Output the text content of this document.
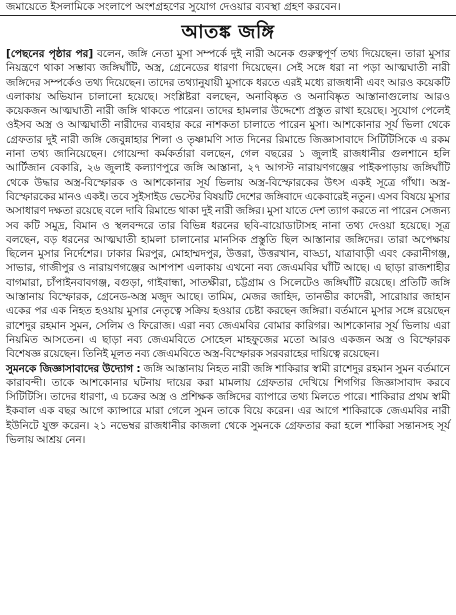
জমায়েতে ইসলামিকে সংলাপে অংশগ্রহণের সুযোগ দেওয়ার ব্যবস্থা গ্রহণ করবেন।
আতঙ্ক জঙ্গি

[পেছনের পৃষ্ঠার পর] বলেন, জঙ্গি নেতা মুসা সম্পর্কে দুই নারী অনেক গুরুত্বপূর্ণ তথ্য দিয়েছেন। তারা মুসার নিয়ন্ত্রণে থাকা সম্ভাব্য জঙ্গিঘাঁটি, অস্ত্র, গ্রেনেডের ধারণা দিয়েছেন। সেই সঙ্গে ধরা না পড়া আত্মঘাতী নারী জঙ্গিদের সম্পর্কেও তথ্য দিয়েছেন। তাদের তথ্যানুযায়ী মুসাকে ধরতে এরই মধ্যে রাজধানী এবং আরও কয়েকটি এলাকায় অভিযান চালানো হয়েছে। সংশ্লিষ্টরা বলছেন, অনাবিষ্কৃত ও অনাবিষ্কৃত আস্তানাগুলোয় আরও কয়েকজন আত্মঘাতী নারী জঙ্গি থাকতে পারেন। তাদের হামলার উদ্দেশ্যে প্রস্তুত রাখা হয়েছে। সুযোগ পেলেই ওইসব অস্ত্র ও আত্মঘাতী নারীদের ব্যবহার করে নাশকতা চালাতে পারেন মুসা। আশকোনার সূর্য ভিলা থেকে গ্রেফতার দুই নারী জঙ্গি জেবুন্নাহার শিলা ও তৃষ্ণামণি সাত দিনের রিমান্ডে জিজ্ঞাসাবাদে সিটিটিসিকে এ রকম নানা তথ্য জানিয়েছেন। গোয়েন্দা কর্মকর্তারা বলছেন, গেল বছরের ১ জুলাই রাজধানীর গুলশানে হলি আর্টিজান বেকারি, ২৬ জুলাই কল্যাণপুরে জঙ্গি আস্তানা, ২৭ আগস্ট নারায়ণগঞ্জের পাইকপাড়ায় জঙ্গিঘাঁটি থেকে উদ্ধার অস্ত্র-বিস্ফোরক ও আশকোনার সূর্য ভিলায় অস্ত্র-বিস্ফোরকের উৎস একই সূত্রে গাঁথা। অস্ত্র-বিস্ফোরকের মানও একই। তবে সুইসাইড ভেস্টের বিষয়টি দেশের জঙ্গিবাদে একেবারেই নতুন। এসব বিষয়ে মুসার অসাধারণ দক্ষতা রয়েছে বলে দাবি রিমান্ডে থাকা দুই নারী জঙ্গির। মুসা যাতে দেশ ত্যাগ করতে না পারেন সেজন্য সব কটি সমুদ্র, বিমান ও স্থলবন্দরে তার বিভিন্ন ধরনের ছবি-বায়োডাটাসহ নানা তথ্য দেওয়া হয়েছে। সূত্র বলছেন, বড় ধরনের আত্মঘাতী হামলা চালানোর মানসিক প্রস্তুতি ছিল আস্তানার জঙ্গিদের। তারা অপেক্ষায় ছিলেন মুসার নির্দেশের। ঢাকার মিরপুর, মোহাম্মদপুর, উত্তরা, উত্তরখান, বাড্ডা, যাত্রাবাড়ী এবং কেরানীগঞ্জ, সাভার, গাজীপুর ও নারায়ণগঞ্জের আশপাশ এলাকায় এখনো নব্য জেএমবির ঘাঁটি আছে। এ ছাড়া রাজশাহীর বাগমারা, চাঁপাইনবাবগঞ্জ, বগুড়া, গাইবান্ধা, সাতক্ষীরা, চট্টগ্রাম ও সিলেটেও জঙ্গিঘাঁটি রয়েছে। প্রতিটি জঙ্গি আস্তানায় বিস্ফোরক, গ্রেনেড-অস্ত্র মজুদ আছে। তামিম, মেজর জাহিদ, তানভীর কাদেরী, সারোয়ার জাহান একের পর এক নিহত হওয়ায় মুসার নেতৃত্বে সক্রিয় হওয়ার চেষ্টা করছেন জঙ্গিরা। বর্তমানে মুসার সঙ্গে রয়েছেন রাশেদুর রহমান সুমন, সেলিম ও ফিরোজ। এরা নব্য জেএমবির বোমার কারিগর। আশকোনার সূর্য ভিলায় এরা নিয়মিত আসতেন। এ ছাড়া নব্য জেএমবিতে সোহেল মাহফুজের মতো আরও একজন অস্ত্র ও বিস্ফোরক বিশেষজ্ঞ রয়েছেন। তিনিই মূলত নব্য জেএমবিতে অস্ত্র-বিস্ফোরক সরবরাহের দায়িত্বে রয়েছেন।

সুমনকে জিজ্ঞাসাবাদের উদ্যোগ : জঙ্গি আস্তানায় নিহত নারী জঙ্গি শাকিরার স্বামী রাশেদুর রহমান সুমন বর্তমানে কারাবন্দী। তাকে আশকোনার ঘটনায় দায়ের করা মামলায় গ্রেফতার দেখিয়ে শিগগির জিজ্ঞাসাবাদ করবে সিটিটিসি। তাদের ধারণা, এ চক্রের অস্ত্র ও প্রশিক্ষক জঙ্গিদের ব্যাপারে তথ্য মিলতে পারে। শাকিরার প্রথম স্বামী ইকবাল এক বছর আগে ক্যান্সারে মারা গেলে সুমন তাকে বিয়ে করেন। এর আগে শাকিরাকে জেএমবির নারী ইউনিটে যুক্ত করেন। ২১ নভেম্বর রাজধানীর কাজলা থেকে সুমনকে গ্রেফতার করা হলে শাকিরা সন্তানসহ সূর্য ভিলায় আশ্রয় নেন।
